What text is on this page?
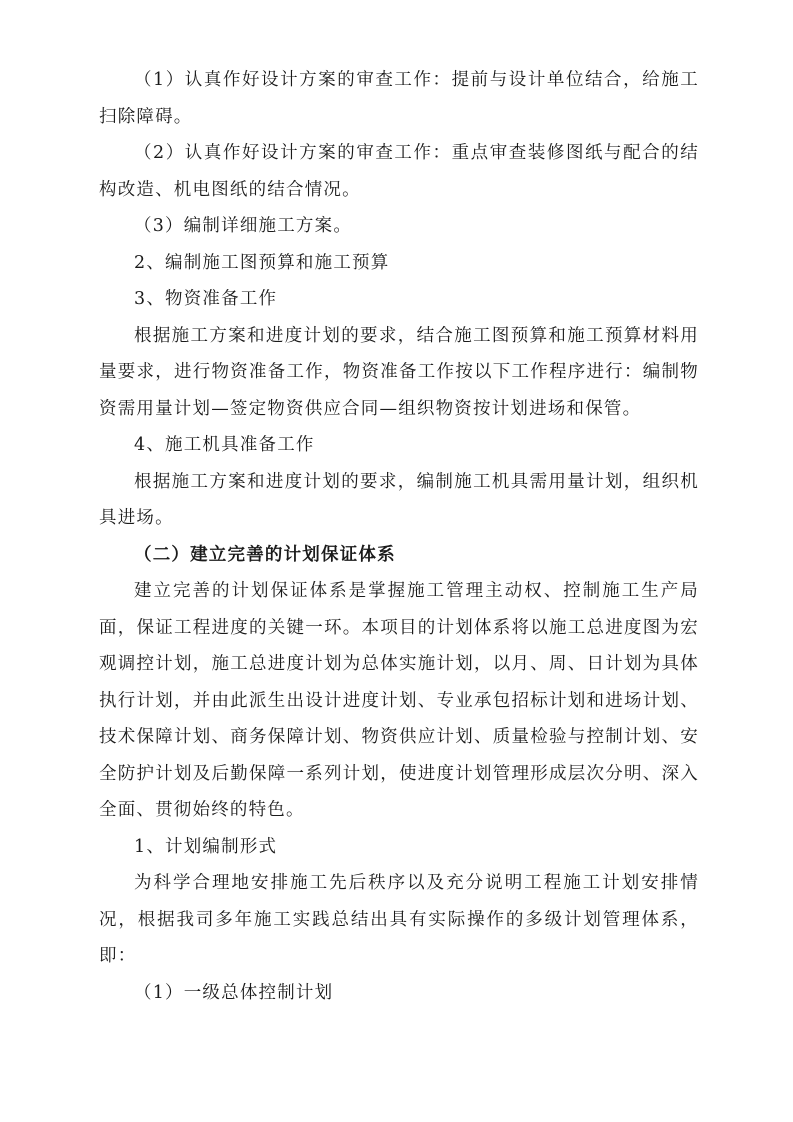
（1）认真作好设计方案的审查工作：提前与设计单位结合，给施工扫除障碍。

（2）认真作好设计方案的审查工作：重点审查装修图纸与配合的结构改造、机电图纸的结合情况。

（3）编制详细施工方案。

2、编制施工图预算和施工预算

3、物资准备工作

根据施工方案和进度计划的要求，结合施工图预算和施工预算材料用量要求，进行物资准备工作，物资准备工作按以下工作程序进行：编制物资需用量计划—签定物资供应合同—组织物资按计划进场和保管。

4、施工机具准备工作

根据施工方案和进度计划的要求，编制施工机具需用量计划，组织机具进场。

（二）建立完善的计划保证体系

建立完善的计划保证体系是掌握施工管理主动权、控制施工生产局面，保证工程进度的关键一环。本项目的计划体系将以施工总进度图为宏观调控计划，施工总进度计划为总体实施计划，以月、周、日计划为具体执行计划，并由此派生出设计进度计划、专业承包招标计划和进场计划、技术保障计划、商务保障计划、物资供应计划、质量检验与控制计划、安全防护计划及后勤保障一系列计划，使进度计划管理形成层次分明、深入全面、贯彻始终的特色。

1、计划编制形式

为科学合理地安排施工先后秩序以及充分说明工程施工计划安排情况，根据我司多年施工实践总结出具有实际操作的多级计划管理体系，即：

（1）一级总体控制计划
